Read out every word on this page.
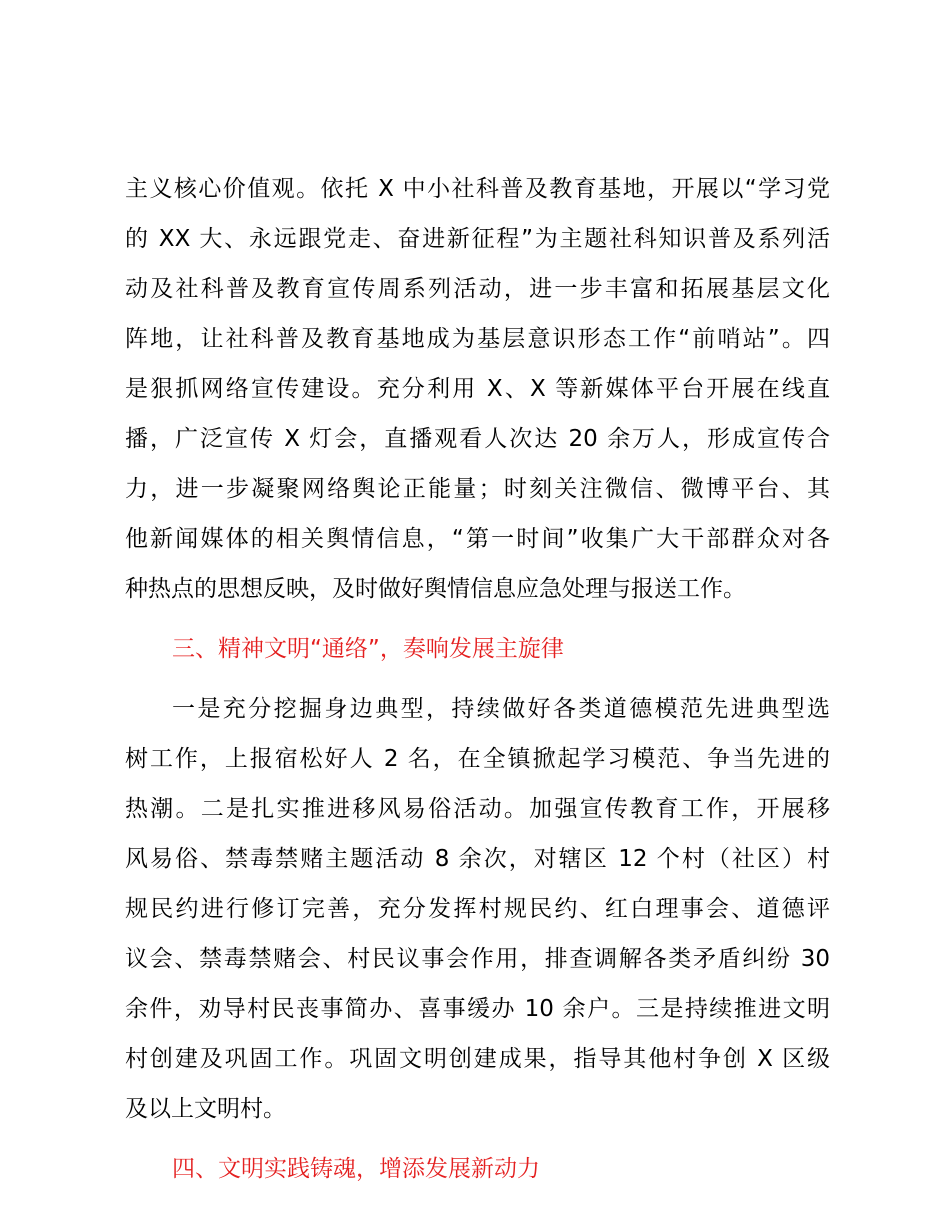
主义核心价值观。依托 X 中小社科普及教育基地，开展以“学习党
的 XX 大、永远跟党走、奋进新征程”为主题社科知识普及系列活
动及社科普及教育宣传周系列活动，进一步丰富和拓展基层文化
阵地，让社科普及教育基地成为基层意识形态工作“前哨站”。四
是狠抓网络宣传建设。充分利用 X、X 等新媒体平台开展在线直
播，广泛宣传 X 灯会，直播观看人次达 20 余万人，形成宣传合
力，进一步凝聚网络舆论正能量；时刻关注微信、微博平台、其
他新闻媒体的相关舆情信息，“第一时间”收集广大干部群众对各
种热点的思想反映，及时做好舆情信息应急处理与报送工作。
三、精神文明“通络”，奏响发展主旋律
一是充分挖掘身边典型，持续做好各类道德模范先进典型选
树工作，上报宿松好人 2 名，在全镇掀起学习模范、争当先进的
热潮。二是扎实推进移风易俗活动。加强宣传教育工作，开展移
风易俗、禁毒禁赌主题活动 8 余次，对辖区 12 个村（社区）村
规民约进行修订完善，充分发挥村规民约、红白理事会、道德评
议会、禁毒禁赌会、村民议事会作用，排查调解各类矛盾纠纷 30
余件，劝导村民丧事简办、喜事缓办 10 余户。三是持续推进文明
村创建及巩固工作。巩固文明创建成果，指导其他村争创 X 区级
及以上文明村。
四、文明实践铸魂，增添发展新动力
